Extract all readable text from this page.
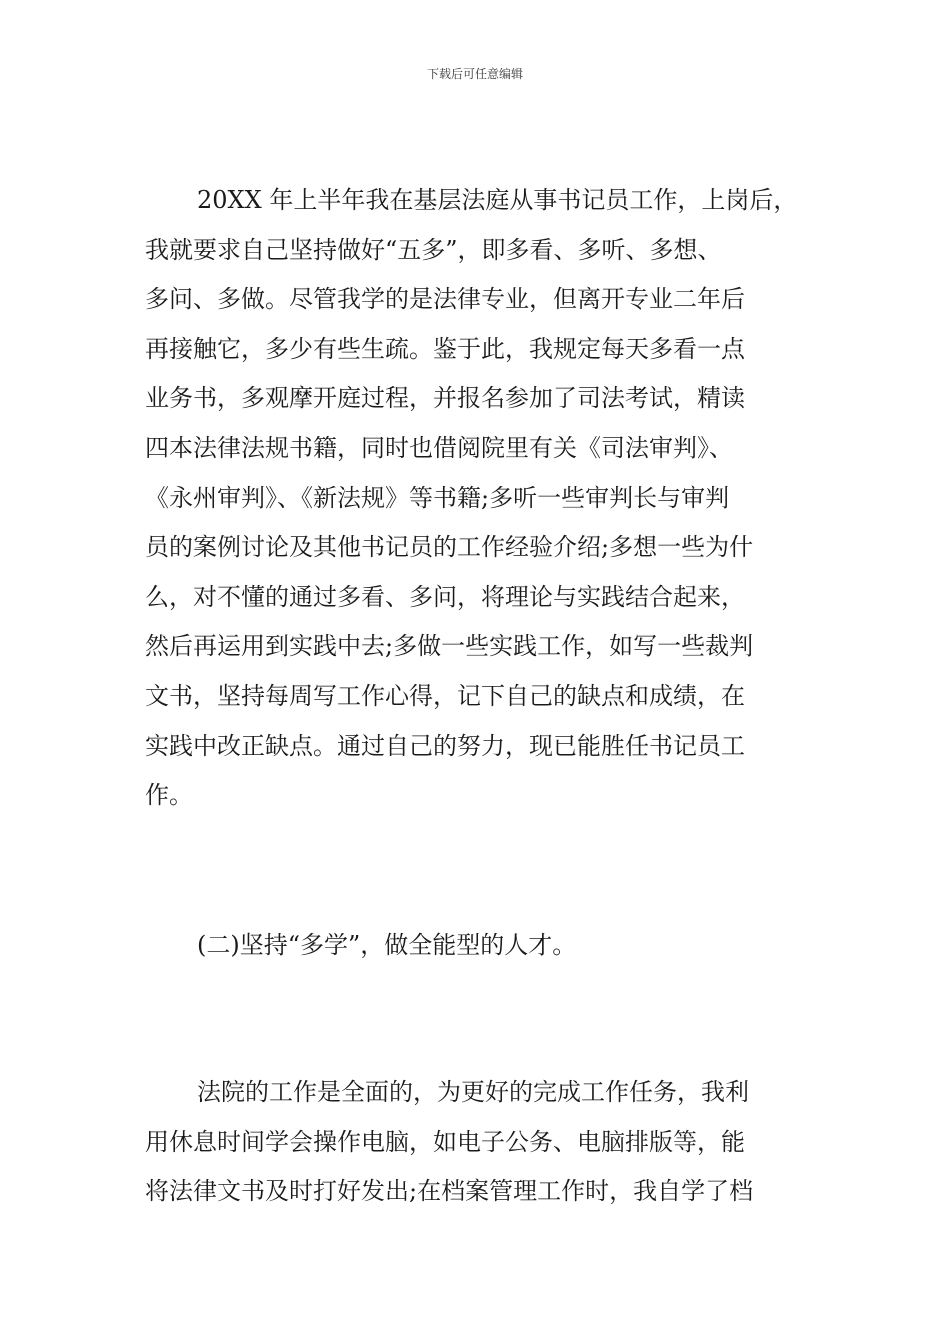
下载后可任意编辑
20XX 年上半年我在基层法庭从事书记员工作，上岗后，
我就要求自己坚持做好“五多”，即多看、多听、多想、
多问、多做。尽管我学的是法律专业，但离开专业二年后
再接触它，多少有些生疏。鉴于此，我规定每天多看一点
业务书，多观摩开庭过程，并报名参加了司法考试，精读
四本法律法规书籍，同时也借阅院里有关《司法审判》、
《永州审判》、《新法规》等书籍;多听一些审判长与审判
员的案例讨论及其他书记员的工作经验介绍;多想一些为什
么，对不懂的通过多看、多问，将理论与实践结合起来，
然后再运用到实践中去;多做一些实践工作，如写一些裁判
文书，坚持每周写工作心得，记下自己的缺点和成绩，在
实践中改正缺点。通过自己的努力，现已能胜任书记员工
作。
(二)坚持“多学”，做全能型的人才。
法院的工作是全面的，为更好的完成工作任务，我利
用休息时间学会操作电脑，如电子公务、电脑排版等，能
将法律文书及时打好发出;在档案管理工作时，我自学了档
